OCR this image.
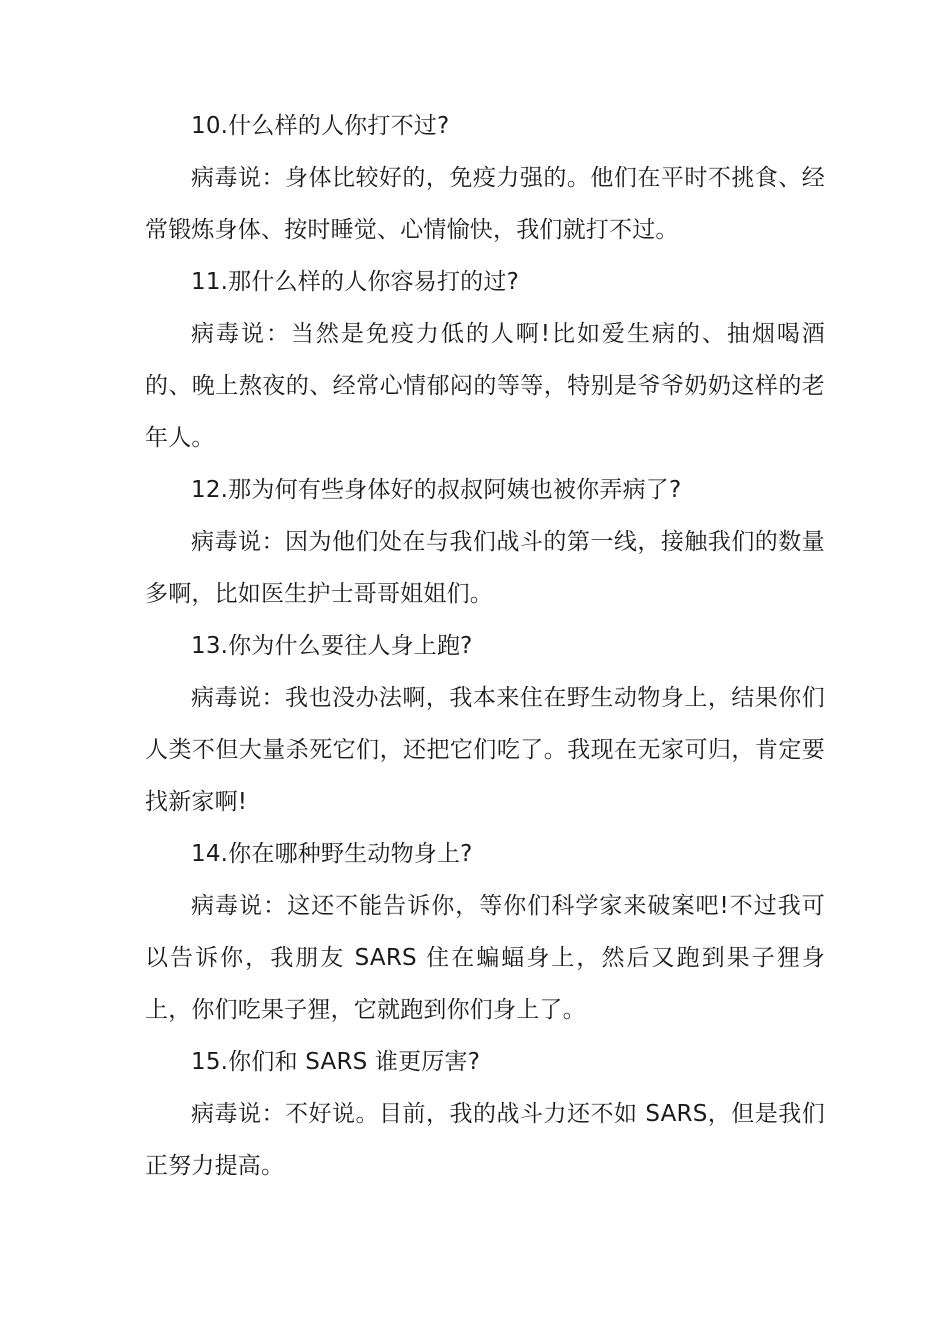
10.什么样的人你打不过?

病毒说：身体比较好的，免疫力强的。他们在平时不挑食、经常锻炼身体、按时睡觉、心情愉快，我们就打不过。

11.那什么样的人你容易打的过?

病毒说：当然是免疫力低的人啊!比如爱生病的、抽烟喝酒的、晚上熬夜的、经常心情郁闷的等等，特别是爷爷奶奶这样的老年人。

12.那为何有些身体好的叔叔阿姨也被你弄病了?

病毒说：因为他们处在与我们战斗的第一线，接触我们的数量多啊，比如医生护士哥哥姐姐们。

13.你为什么要往人身上跑?

病毒说：我也没办法啊，我本来住在野生动物身上，结果你们人类不但大量杀死它们，还把它们吃了。我现在无家可归，肯定要找新家啊!

14.你在哪种野生动物身上?

病毒说：这还不能告诉你，等你们科学家来破案吧!不过我可以告诉你，我朋友 SARS 住在蝙蝠身上，然后又跑到果子狸身上，你们吃果子狸，它就跑到你们身上了。

15.你们和 SARS 谁更厉害?

病毒说：不好说。目前，我的战斗力还不如 SARS，但是我们正努力提高。
